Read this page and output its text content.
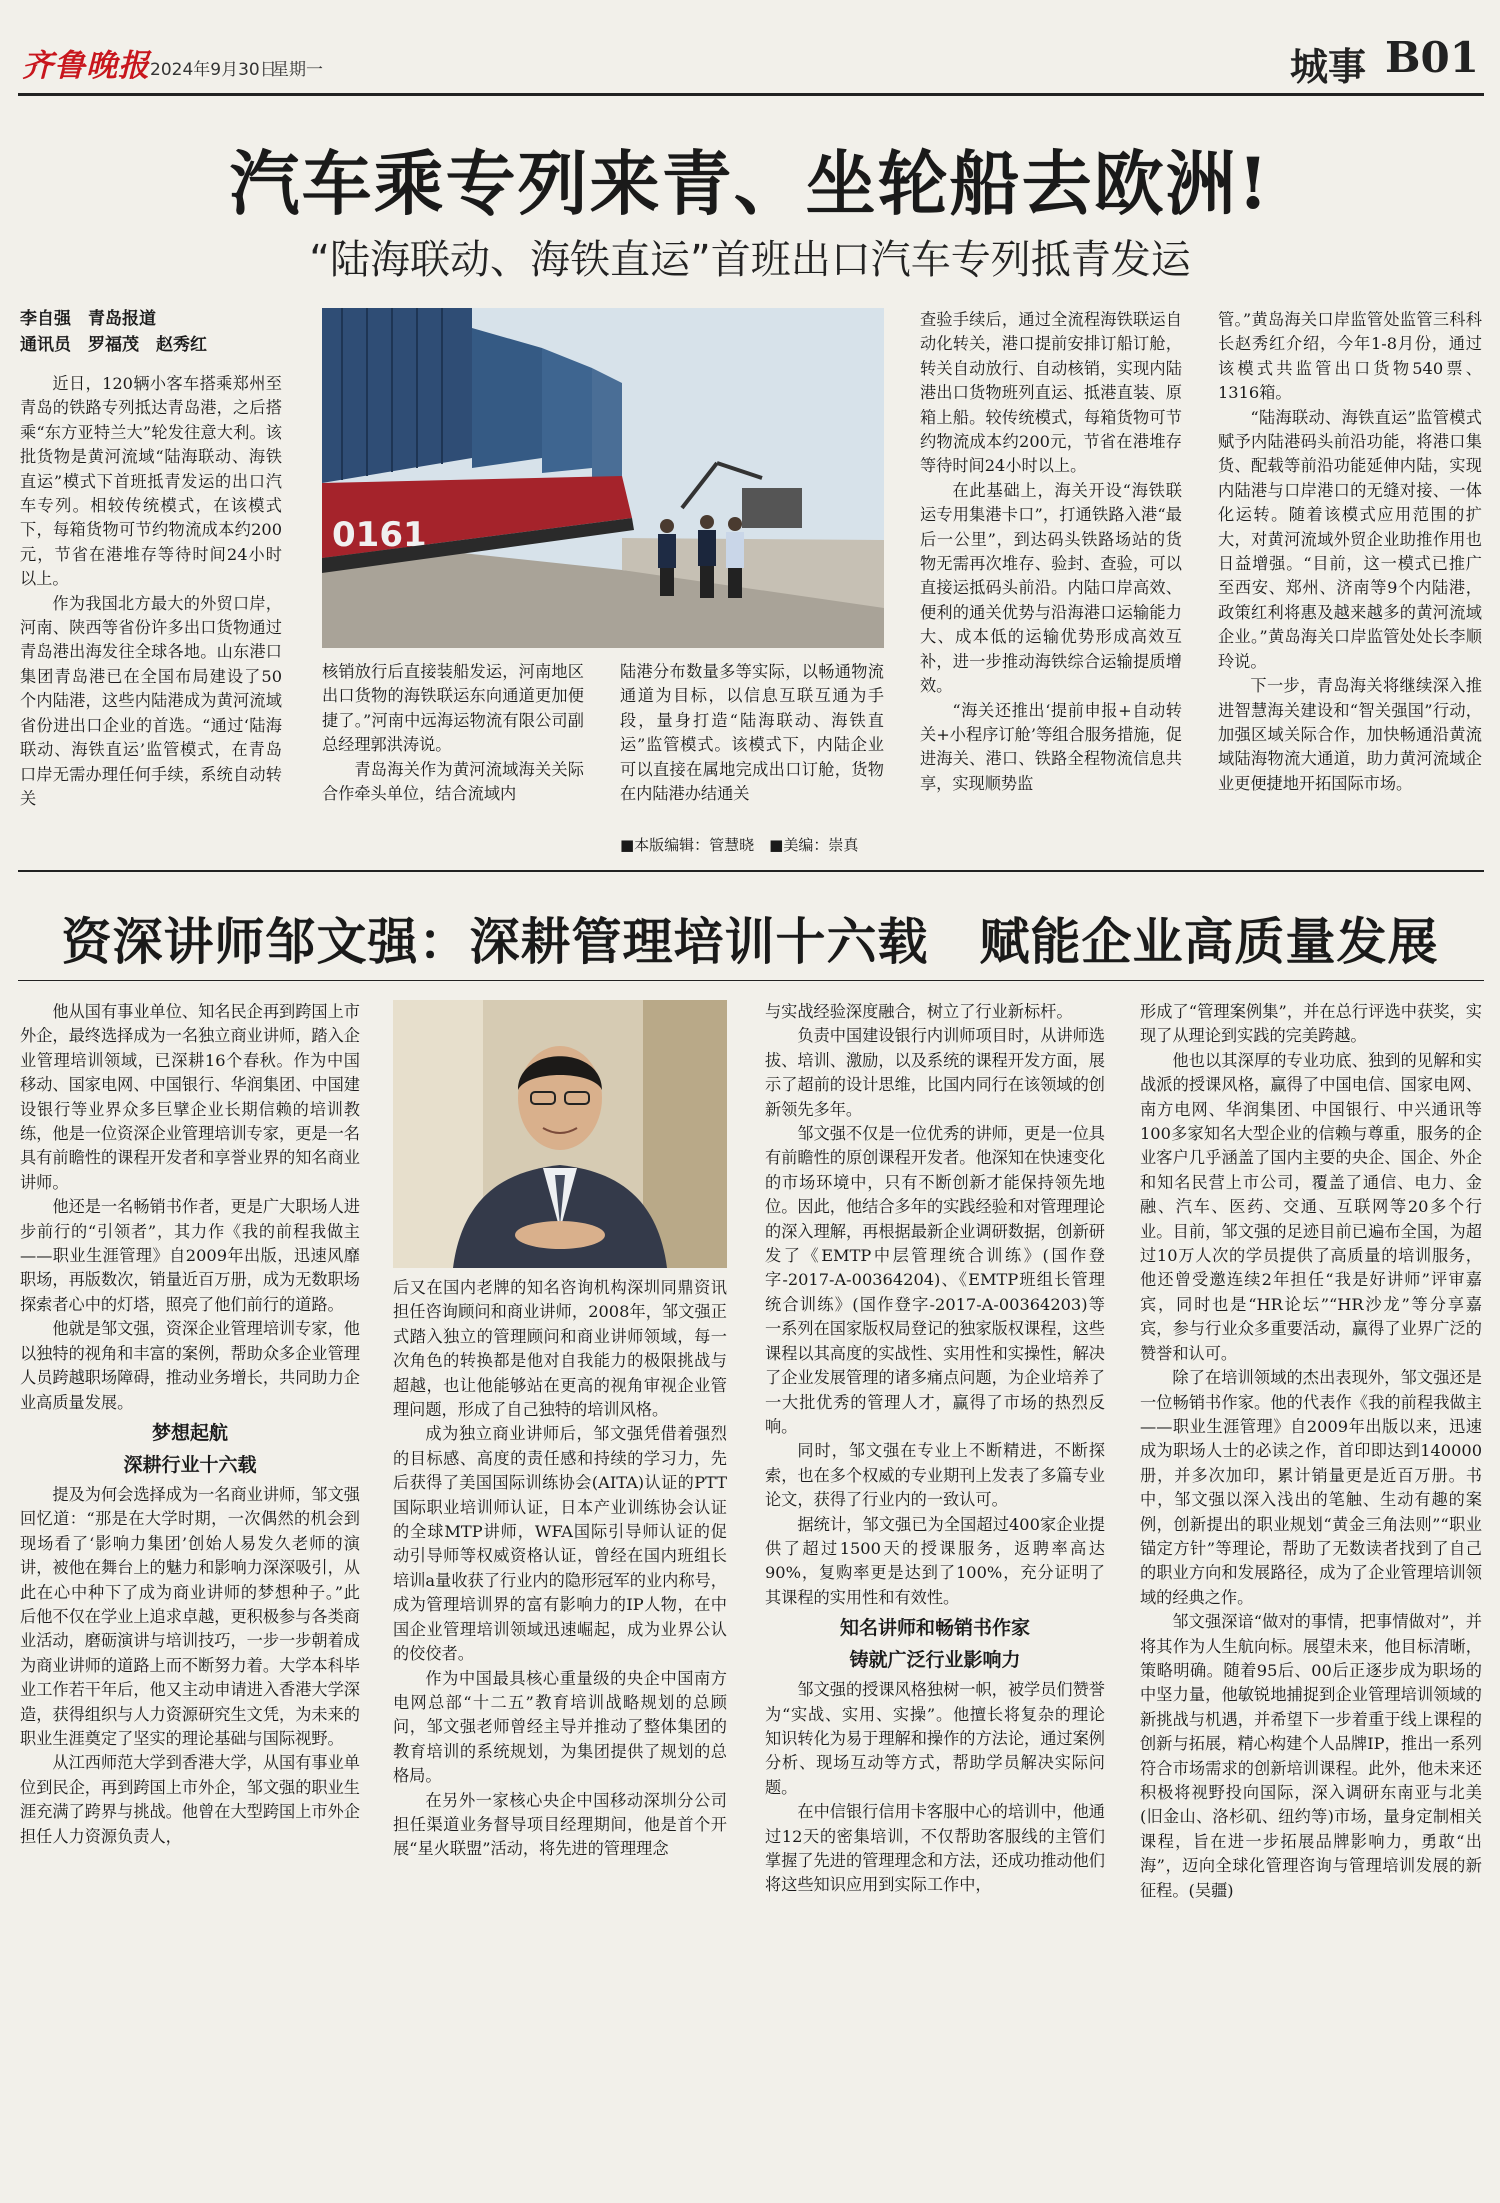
齐鲁晚报 2024年9月30日
星期一	城事 B01
汽车乘专列来青、坐轮船去欧洲!
“陆海联动、海铁直运”首班出口汽车专列抵青发运
李自强　青岛报道
通讯员　罗福茂　赵秀红

近日，120辆小客车搭乘郑州至青岛的铁路专列抵达青岛港，之后搭乘“东方亚特兰大”轮发往意大利。该批货物是黄河流域“陆海联动、海铁直运”模式下首班抵青发运的出口汽车专列。相较传统模式，在该模式下，每箱货物可节约物流成本约200元，节省在港堆存等待时间24小时以上。

作为我国北方最大的外贸口岸，河南、陕西等省份许多出口货物通过青岛港出海发往全球各地。山东港口集团青岛港已在全国布局建设了50个内陆港，这些内陆港成为黄河流域省份进出口企业的首选。“通过‘陆海联动、海铁直运’监管模式，在青岛口岸无需办理任何手续，系统自动转关

0161

核销放行后直接装船发运，河南地区出口货物的海铁联运东向通道更加便捷了。”河南中远海运物流有限公司副总经理郭洪涛说。

青岛海关作为黄河流域海关关际合作牵头单位，结合流域内

陆港分布数量多等实际，以畅通物流通道为目标，以信息互联互通为手段，量身打造“陆海联动、海铁直运”监管模式。该模式下，内陆企业可以直接在属地完成出口订舱，货物在内陆港办结通关

查验手续后，通过全流程海铁联运自动化转关，港口提前安排订船订舱，转关自动放行、自动核销，实现内陆港出口货物班列直运、抵港直装、原箱上船。较传统模式，每箱货物可节约物流成本约200元，节省在港堆存等待时间24小时以上。

在此基础上，海关开设“海铁联运专用集港卡口”，打通铁路入港“最后一公里”，到达码头铁路场站的货物无需再次堆存、验封、查验，可以直接运抵码头前沿。内陆口岸高效、便利的通关优势与沿海港口运输能力大、成本低的运输优势形成高效互补，进一步推动海铁综合运输提质增效。

“海关还推出‘提前申报+自动转关+小程序订舱’等组合服务措施，促进海关、港口、铁路全程物流信息共享，实现顺势监

管。”黄岛海关口岸监管处监管三科科长赵秀红介绍，今年1-8月份，通过该模式共监管出口货物540票、1316箱。

“陆海联动、海铁直运”监管模式赋予内陆港码头前沿功能，将港口集货、配载等前沿功能延伸内陆，实现内陆港与口岸港口的无缝对接、一体化运转。随着该模式应用范围的扩大，对黄河流域外贸企业助推作用也日益增强。“目前，这一模式已推广至西安、郑州、济南等9个内陆港，政策红利将惠及越来越多的黄河流域企业。”黄岛海关口岸监管处处长李顺玲说。

下一步，青岛海关将继续深入推进智慧海关建设和“智关强国”行动，加强区域关际合作，加快畅通沿黄流域陆海物流大通道，助力黄河流域企业更便捷地开拓国际市场。

■本版编辑：管慧晓　■美编：崇真
资深讲师邹文强：深耕管理培训十六载　赋能企业高质量发展

他从国有事业单位、知名民企再到跨国上市外企，最终选择成为一名独立商业讲师，踏入企业管理培训领域，已深耕16个春秋。作为中国移动、国家电网、中国银行、华润集团、中国建设银行等业界众多巨擘企业长期信赖的培训教练，他是一位资深企业管理培训专家，更是一名具有前瞻性的课程开发者和享誉业界的知名商业讲师。

他还是一名畅销书作者，更是广大职场人进步前行的“引领者”，其力作《我的前程我做主——职业生涯管理》自2009年出版，迅速风靡职场，再版数次，销量近百万册，成为无数职场探索者心中的灯塔，照亮了他们前行的道路。

他就是邹文强，资深企业管理培训专家，他以独特的视角和丰富的案例，帮助众多企业管理人员跨越职场障碍，推动业务增长，共同助力企业高质量发展。

梦想起航
深耕行业十六载

提及为何会选择成为一名商业讲师，邹文强回忆道：“那是在大学时期，一次偶然的机会到现场看了‘影响力集团’创始人易发久老师的演讲，被他在舞台上的魅力和影响力深深吸引，从此在心中种下了成为商业讲师的梦想种子。”此后他不仅在学业上追求卓越，更积极参与各类商业活动，磨砺演讲与培训技巧，一步一步朝着成为商业讲师的道路上而不断努力着。大学本科毕业工作若干年后，他又主动申请进入香港大学深造，获得组织与人力资源研究生文凭，为未来的职业生涯奠定了坚实的理论基础与国际视野。

从江西师范大学到香港大学，从国有事业单位到民企，再到跨国上市外企，邹文强的职业生涯充满了跨界与挑战。他曾在大型跨国上市外企担任人力资源负责人，

后又在国内老牌的知名咨询机构深圳同鼎资讯担任咨询顾问和商业讲师，2008年，邹文强正式踏入独立的管理顾问和商业讲师领域，每一次角色的转换都是他对自我能力的极限挑战与超越，也让他能够站在更高的视角审视企业管理问题，形成了自己独特的培训风格。

成为独立商业讲师后，邹文强凭借着强烈的目标感、高度的责任感和持续的学习力，先后获得了美国国际训练协会(AITA)认证的PTT国际职业培训师认证，日本产业训练协会认证的全球MTP讲师，WFA国际引导师认证的促动引导师等权威资格认证，曾经在国内班组长培训a量收获了行业内的隐形冠军的业内称号，成为管理培训界的富有影响力的IP人物，在中国企业管理培训领域迅速崛起，成为业界公认的佼佼者。

作为中国最具核心重量级的央企中国南方电网总部“十二五”教育培训战略规划的总顾问，邹文强老师曾经主导并推动了整体集团的教育培训的系统规划，为集团提供了规划的总格局。

在另外一家核心央企中国移动深圳分公司担任渠道业务督导项目经理期间，他是首个开展“星火联盟”活动，将先进的管理理念

与实战经验深度融合，树立了行业新标杆。

负责中国建设银行内训师项目时，从讲师选拔、培训、激励，以及系统的课程开发方面，展示了超前的设计思维，比国内同行在该领域的创新领先多年。

邹文强不仅是一位优秀的讲师，更是一位具有前瞻性的原创课程开发者。他深知在快速变化的市场环境中，只有不断创新才能保持领先地位。因此，他结合多年的实践经验和对管理理论的深入理解，再根据最新企业调研数据，创新研发了《EMTP中层管理统合训练》(国作登字-2017-A-00364204)、《EMTP班组长管理统合训练》(国作登字-2017-A-00364203)等一系列在国家版权局登记的独家版权课程，这些课程以其高度的实战性、实用性和实操性，解决了企业发展管理的诸多痛点问题，为企业培养了一大批优秀的管理人才，赢得了市场的热烈反响。

同时，邹文强在专业上不断精进，不断探索，也在多个权威的专业期刊上发表了多篇专业论文，获得了行业内的一致认可。

据统计，邹文强已为全国超过400家企业提供了超过1500天的授课服务，返聘率高达90%，复购率更是达到了100%，充分证明了其课程的实用性和有效性。

知名讲师和畅销书作家
铸就广泛行业影响力

邹文强的授课风格独树一帜，被学员们赞誉为“实战、实用、实操”。他擅长将复杂的理论知识转化为易于理解和操作的方法论，通过案例分析、现场互动等方式，帮助学员解决实际问题。

在中信银行信用卡客服中心的培训中，他通过12天的密集培训，不仅帮助客服线的主管们掌握了先进的管理理念和方法，还成功推动他们将这些知识应用到实际工作中，

形成了“管理案例集”，并在总行评选中获奖，实现了从理论到实践的完美跨越。

他也以其深厚的专业功底、独到的见解和实战派的授课风格，赢得了中国电信、国家电网、南方电网、华润集团、中国银行、中兴通讯等100多家知名大型企业的信赖与尊重，服务的企业客户几乎涵盖了国内主要的央企、国企、外企和知名民营上市公司，覆盖了通信、电力、金融、汽车、医药、交通、互联网等20多个行业。目前，邹文强的足迹目前已遍布全国，为超过10万人次的学员提供了高质量的培训服务，他还曾受邀连续2年担任“我是好讲师”评审嘉宾，同时也是“HR论坛”“HR沙龙”等分享嘉宾，参与行业众多重要活动，赢得了业界广泛的赞誉和认可。

除了在培训领域的杰出表现外，邹文强还是一位畅销书作家。他的代表作《我的前程我做主——职业生涯管理》自2009年出版以来，迅速成为职场人士的必读之作，首印即达到140000册，并多次加印，累计销量更是近百万册。书中，邹文强以深入浅出的笔触、生动有趣的案例，创新提出的职业规划“黄金三角法则”“职业锚定方针”等理论，帮助了无数读者找到了自己的职业方向和发展路径，成为了企业管理培训领域的经典之作。

邹文强深谙“做对的事情，把事情做对”，并将其作为人生航向标。展望未来，他目标清晰，策略明确。随着95后、00后正逐步成为职场的中坚力量，他敏锐地捕捉到企业管理培训领域的新挑战与机遇，并希望下一步着重于线上课程的创新与拓展，精心构建个人品牌IP，推出一系列符合市场需求的创新培训课程。此外，他未来还积极将视野投向国际，深入调研东南亚与北美(旧金山、洛杉矶、纽约等)市场，量身定制相关课程，旨在进一步拓展品牌影响力，勇敢“出海”，迈向全球化管理咨询与管理培训发展的新征程。(吴疆)
